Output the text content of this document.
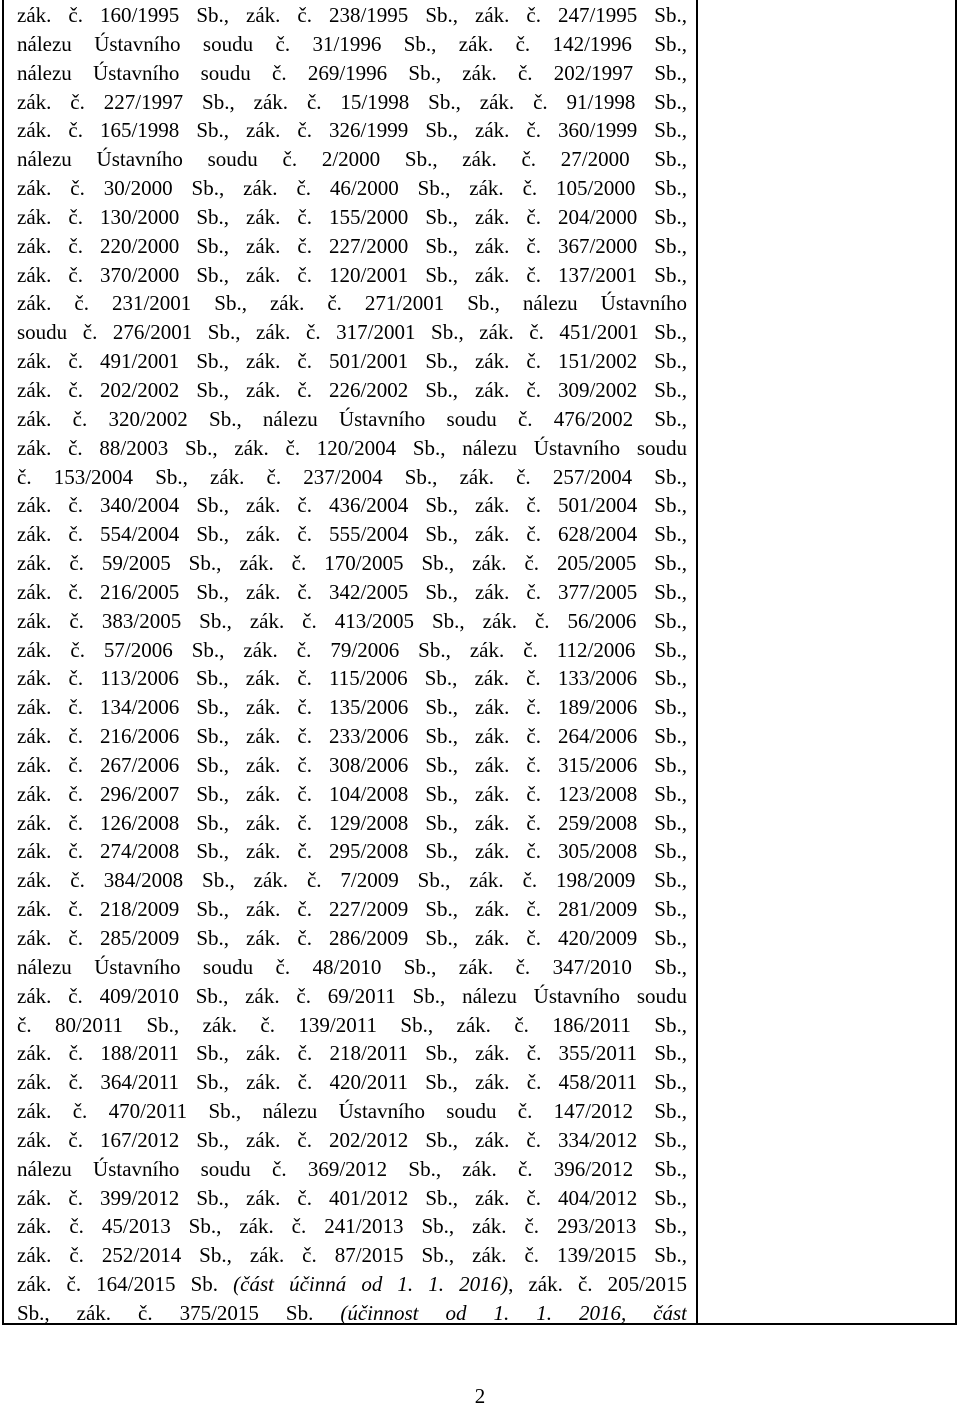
zák. č. 160/1995 Sb., zák. č. 238/1995 Sb., zák. č. 247/1995 Sb.,
nálezu Ústavního soudu č. 31/1996 Sb., zák. č. 142/1996 Sb.,
nálezu Ústavního soudu č. 269/1996 Sb., zák. č. 202/1997 Sb.,
zák. č. 227/1997 Sb., zák. č. 15/1998 Sb., zák. č. 91/1998 Sb.,
zák. č. 165/1998 Sb., zák. č. 326/1999 Sb., zák. č. 360/1999 Sb.,
nálezu Ústavního soudu č. 2/2000 Sb., zák. č. 27/2000 Sb.,
zák. č. 30/2000 Sb., zák. č. 46/2000 Sb., zák. č. 105/2000 Sb.,
zák. č. 130/2000 Sb., zák. č. 155/2000 Sb., zák. č. 204/2000 Sb.,
zák. č. 220/2000 Sb., zák. č. 227/2000 Sb., zák. č. 367/2000 Sb.,
zák. č. 370/2000 Sb., zák. č. 120/2001 Sb., zák. č. 137/2001 Sb.,
zák. č. 231/2001 Sb., zák. č. 271/2001 Sb., nálezu Ústavního
soudu č. 276/2001 Sb., zák. č. 317/2001 Sb., zák. č. 451/2001 Sb.,
zák. č. 491/2001 Sb., zák. č. 501/2001 Sb., zák. č. 151/2002 Sb.,
zák. č. 202/2002 Sb., zák. č. 226/2002 Sb., zák. č. 309/2002 Sb.,
zák. č. 320/2002 Sb., nálezu Ústavního soudu č. 476/2002 Sb.,
zák. č. 88/2003 Sb., zák. č. 120/2004 Sb., nálezu Ústavního soudu
č. 153/2004 Sb., zák. č. 237/2004 Sb., zák. č. 257/2004 Sb.,
zák. č. 340/2004 Sb., zák. č. 436/2004 Sb., zák. č. 501/2004 Sb.,
zák. č. 554/2004 Sb., zák. č. 555/2004 Sb., zák. č. 628/2004 Sb.,
zák. č. 59/2005 Sb., zák. č. 170/2005 Sb., zák. č. 205/2005 Sb.,
zák. č. 216/2005 Sb., zák. č. 342/2005 Sb., zák. č. 377/2005 Sb.,
zák. č. 383/2005 Sb., zák. č. 413/2005 Sb., zák. č. 56/2006 Sb.,
zák. č. 57/2006 Sb., zák. č. 79/2006 Sb., zák. č. 112/2006 Sb.,
zák. č. 113/2006 Sb., zák. č. 115/2006 Sb., zák. č. 133/2006 Sb.,
zák. č. 134/2006 Sb., zák. č. 135/2006 Sb., zák. č. 189/2006 Sb.,
zák. č. 216/2006 Sb., zák. č. 233/2006 Sb., zák. č. 264/2006 Sb.,
zák. č. 267/2006 Sb., zák. č. 308/2006 Sb., zák. č. 315/2006 Sb.,
zák. č. 296/2007 Sb., zák. č. 104/2008 Sb., zák. č. 123/2008 Sb.,
zák. č. 126/2008 Sb., zák. č. 129/2008 Sb., zák. č. 259/2008 Sb.,
zák. č. 274/2008 Sb., zák. č. 295/2008 Sb., zák. č. 305/2008 Sb.,
zák. č. 384/2008 Sb., zák. č. 7/2009 Sb., zák. č. 198/2009 Sb.,
zák. č. 218/2009 Sb., zák. č. 227/2009 Sb., zák. č. 281/2009 Sb.,
zák. č. 285/2009 Sb., zák. č. 286/2009 Sb., zák. č. 420/2009 Sb.,
nálezu Ústavního soudu č. 48/2010 Sb., zák. č. 347/2010 Sb.,
zák. č. 409/2010 Sb., zák. č. 69/2011 Sb., nálezu Ústavního soudu
č. 80/2011 Sb., zák. č. 139/2011 Sb., zák. č. 186/2011 Sb.,
zák. č. 188/2011 Sb., zák. č. 218/2011 Sb., zák. č. 355/2011 Sb.,
zák. č. 364/2011 Sb., zák. č. 420/2011 Sb., zák. č. 458/2011 Sb.,
zák. č. 470/2011 Sb., nálezu Ústavního soudu č. 147/2012 Sb.,
zák. č. 167/2012 Sb., zák. č. 202/2012 Sb., zák. č. 334/2012 Sb.,
nálezu Ústavního soudu č. 369/2012 Sb., zák. č. 396/2012 Sb.,
zák. č. 399/2012 Sb., zák. č. 401/2012 Sb., zák. č. 404/2012 Sb.,
zák. č. 45/2013 Sb., zák. č. 241/2013 Sb., zák. č. 293/2013 Sb.,
zák. č. 252/2014 Sb., zák. č. 87/2015 Sb., zák. č. 139/2015 Sb.,
zák. č. 164/2015 Sb. (část účinná od 1. 1. 2016), zák. č. 205/2015
Sb., zák. č. 375/2015 Sb. (účinnost od 1. 1. 2016, část
2
